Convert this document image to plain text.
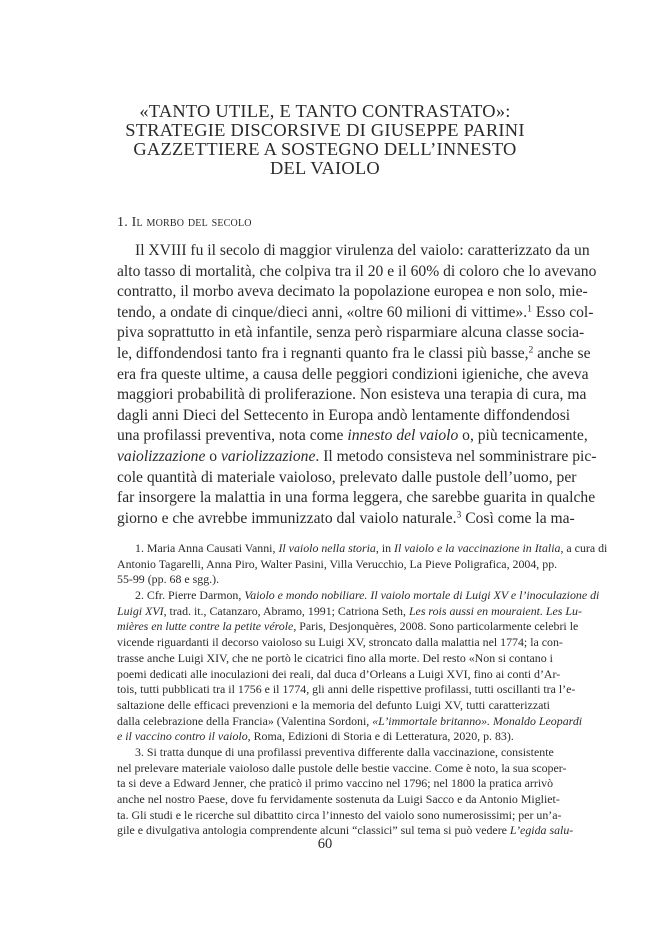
«TANTO UTILE, E TANTO CONTRASTATO»:
STRATEGIE DISCORSIVE DI GIUSEPPE PARINI
GAZZETTIERE A SOSTEGNO DELL’INNESTO
DEL VAIOLO
1. Il morbo del secolo
Il XVIII fu il secolo di maggior virulenza del vaiolo: caratterizzato da un
alto tasso di mortalità, che colpiva tra il 20 e il 60% di coloro che lo avevano
contratto, il morbo aveva decimato la popolazione europea e non solo, mie-
tendo, a ondate di cinque/dieci anni, «oltre 60 milioni di vittime».$^1$ Esso col-
piva soprattutto in età infantile, senza però risparmiare alcuna classe socia-
le, diffondendosi tanto fra i regnanti quanto fra le classi più basse,$^2$ anche se
era fra queste ultime, a causa delle peggiori condizioni igieniche, che aveva
maggiori probabilità di proliferazione. Non esisteva una terapia di cura, ma
dagli anni Dieci del Settecento in Europa andò lentamente diffondendosi
una profilassi preventiva, nota come innesto del vaiolo o, più tecnicamente,
vaiolizzazione o variolizzazione. Il metodo consisteva nel somministrare pic-
cole quantità di materiale vaioloso, prelevato dalle pustole dell’uomo, per
far insorgere la malattia in una forma leggera, che sarebbe guarita in qualche
giorno e che avrebbe immunizzato dal vaiolo naturale.$^3$ Così come la ma-
1. Maria Anna Causati Vanni, Il vaiolo nella storia, in Il vaiolo e la vaccinazione in Italia, a cura di
Antonio Tagarelli, Anna Piro, Walter Pasini, Villa Verucchio, La Pieve Poligrafica, 2004, pp.
55-99 (pp. 68 e sgg.).
2. Cfr. Pierre Darmon, Vaiolo e mondo nobiliare. Il vaiolo mortale di Luigi XV e l’inoculazione di
Luigi XVI, trad. it., Catanzaro, Abramo, 1991; Catriona Seth, Les rois aussi en mouraient. Les Lu-
mières en lutte contre la petite vérole, Paris, Desjonquères, 2008. Sono particolarmente celebri le
vicende riguardanti il decorso vaioloso su Luigi XV, stroncato dalla malattia nel 1774; la con-
trasse anche Luigi XIV, che ne portò le cicatrici fino alla morte. Del resto «Non si contano i
poemi dedicati alle inoculazioni dei reali, dal duca d’Orleans a Luigi XVI, fino ai conti d’Ar-
tois, tutti pubblicati tra il 1756 e il 1774, gli anni delle rispettive profilassi, tutti oscillanti tra l’e-
saltazione delle efficaci prevenzioni e la memoria del defunto Luigi XV, tutti caratterizzati
dalla celebrazione della Francia» (Valentina Sordoni, «L’immortale britanno». Monaldo Leopardi
e il vaccino contro il vaiolo, Roma, Edizioni di Storia e di Letteratura, 2020, p. 83).
3. Si tratta dunque di una profilassi preventiva differente dalla vaccinazione, consistente
nel prelevare materiale vaioloso dalle pustole delle bestie vaccine. Come è noto, la sua scoper-
ta si deve a Edward Jenner, che praticò il primo vaccino nel 1796; nel 1800 la pratica arrivò
anche nel nostro Paese, dove fu fervidamente sostenuta da Luigi Sacco e da Antonio Migliet-
ta. Gli studi e le ricerche sul dibattito circa l’innesto del vaiolo sono numerosissimi; per un’a-
gile e divulgativa antologia comprendente alcuni “classici” sul tema si può vedere L’egida salu-
60
